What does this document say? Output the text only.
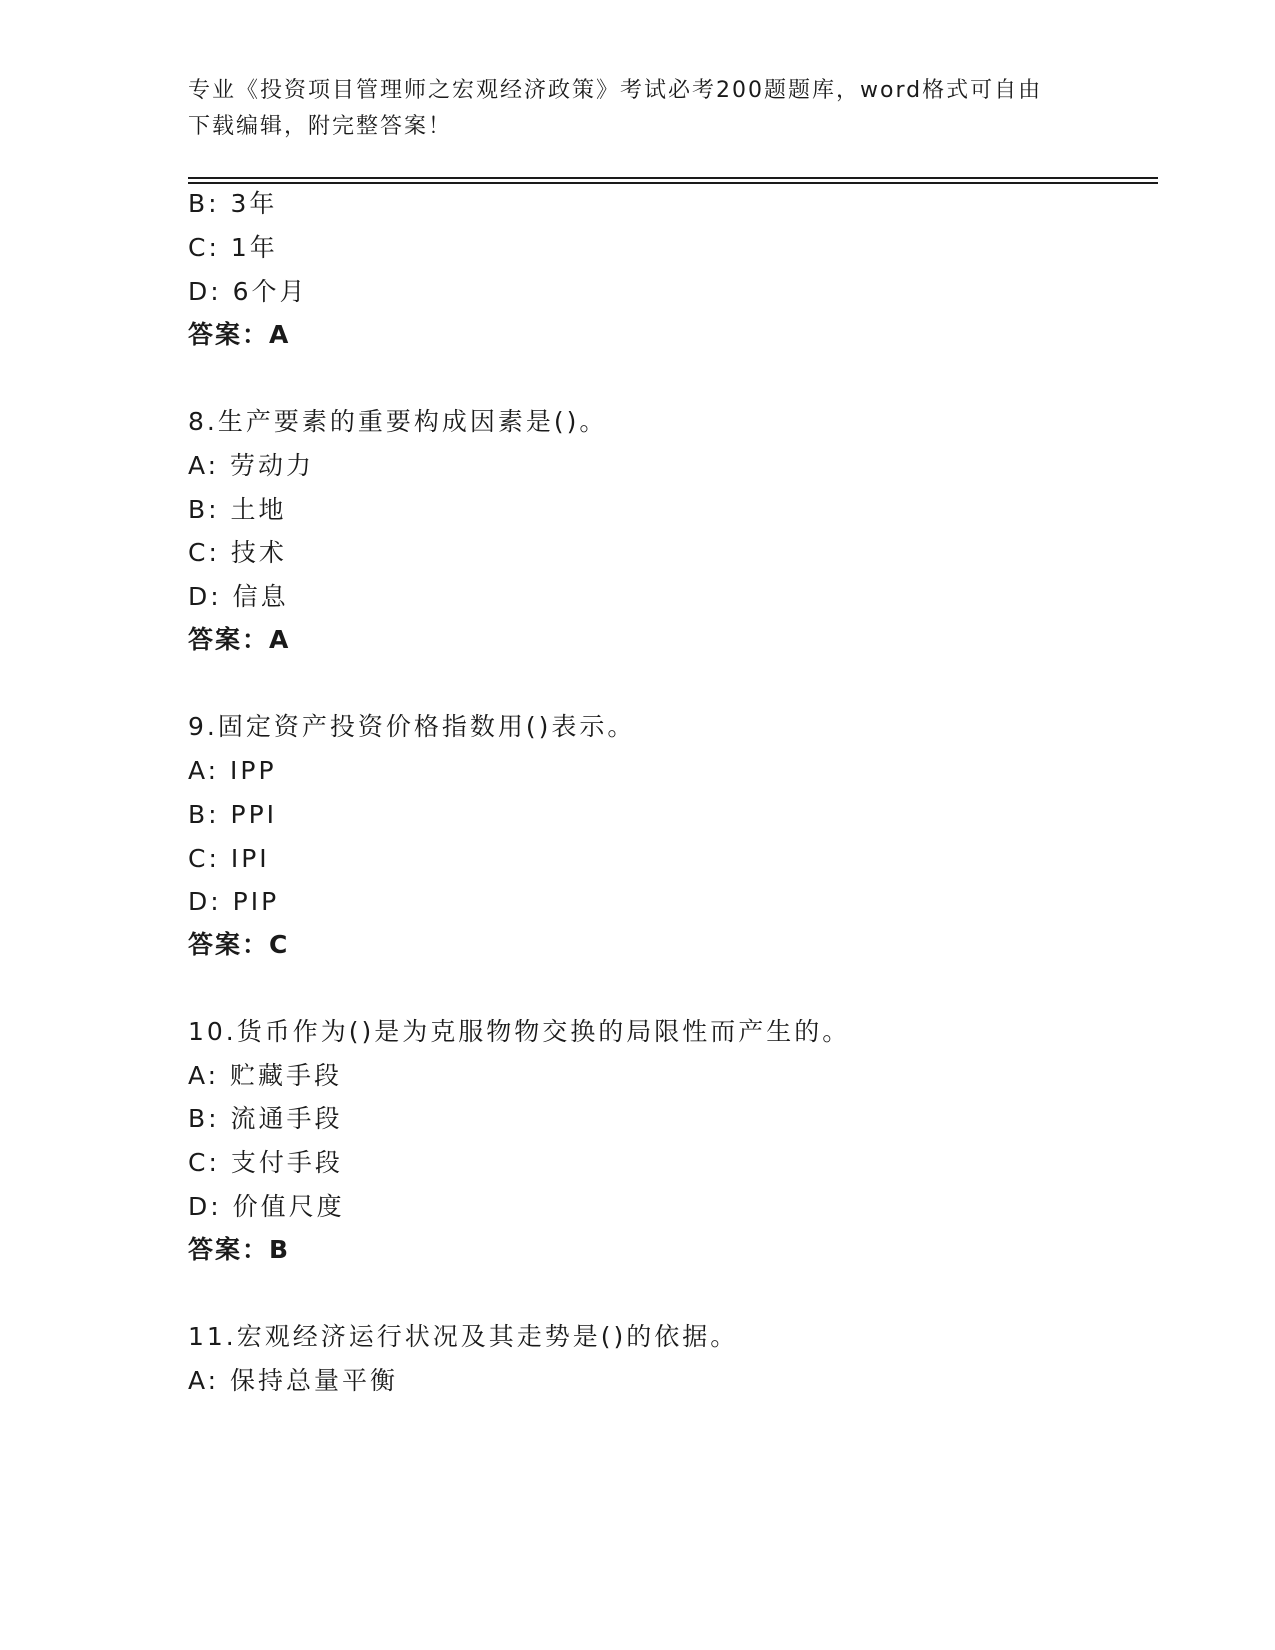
专业《投资项目管理师之宏观经济政策》考试必考200题题库，word格式可自由
下载编辑，附完整答案！
B: 3年
C: 1年
D: 6个月
答案：A
8.生产要素的重要构成因素是()。
A: 劳动力
B: 土地
C: 技术
D: 信息
答案：A
9.固定资产投资价格指数用()表示。
A: IPP
B: PPI
C: IPI
D: PIP
答案：C
10.货币作为()是为克服物物交换的局限性而产生的。
A: 贮藏手段
B: 流通手段
C: 支付手段
D: 价值尺度
答案：B
11.宏观经济运行状况及其走势是()的依据。
A: 保持总量平衡
